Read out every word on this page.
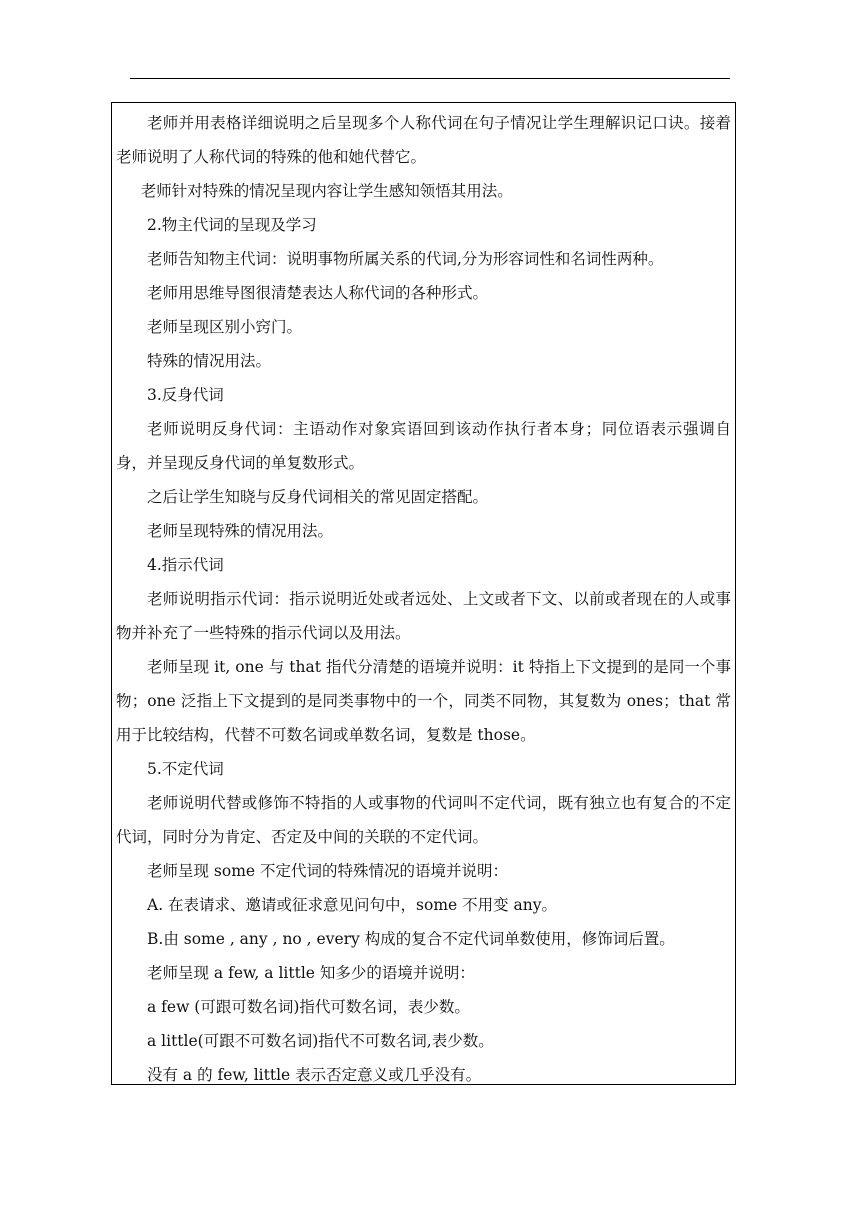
老师并用表格详细说明之后呈现多个人称代词在句子情况让学生理解识记口诀。接着老师说明了人称代词的特殊的他和她代替它。

老师针对特殊的情况呈现内容让学生感知领悟其用法。

2.物主代词的呈现及学习

老师告知物主代词：说明事物所属关系的代词,分为形容词性和名词性两种。

老师用思维导图很清楚表达人称代词的各种形式。

老师呈现区别小窍门。

特殊的情况用法。

3.反身代词

老师说明反身代词：主语动作对象宾语回到该动作执行者本身；同位语表示强调自身，并呈现反身代词的单复数形式。

之后让学生知晓与反身代词相关的常见固定搭配。

老师呈现特殊的情况用法。

4.指示代词

老师说明指示代词：指示说明近处或者远处、上文或者下文、以前或者现在的人或事物并补充了一些特殊的指示代词以及用法。

老师呈现 it, one 与 that 指代分清楚的语境并说明：it 特指上下文提到的是同一个事物；one 泛指上下文提到的是同类事物中的一个，同类不同物，其复数为 ones；that 常用于比较结构，代替不可数名词或单数名词，复数是 those。

5.不定代词

老师说明代替或修饰不特指的人或事物的代词叫不定代词，既有独立也有复合的不定代词，同时分为肯定、否定及中间的关联的不定代词。

老师呈现 some 不定代词的特殊情况的语境并说明：

A. 在表请求、邀请或征求意见问句中，some 不用变 any。

B.由 some , any , no , every 构成的复合不定代词单数使用，修饰词后置。

老师呈现 a few, a little 知多少的语境并说明：

a few (可跟可数名词)指代可数名词，表少数。

a little(可跟不可数名词)指代不可数名词,表少数。

没有 a 的 few, little 表示否定意义或几乎没有。
